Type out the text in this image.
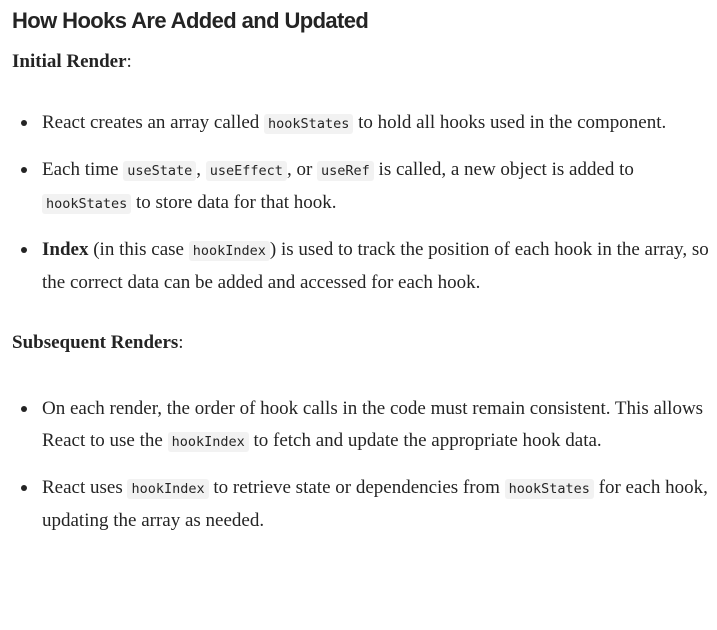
How Hooks Are Added and Updated

Initial Render:

React creates an array called hookStates to hold all hooks used in the component.
Each time useState , useEffect , or useRef is called, a new object is added to hookStates to store data for that hook.
Index (in this case hookIndex ) is used to track the position of each hook in the array, so the correct data can be added and accessed for each hook.

Subsequent Renders:

On each render, the order of hook calls in the code must remain consistent. This allows React to use the hookIndex to fetch and update the appropriate hook data.
React uses hookIndex to retrieve state or dependencies from hookStates for each hook, updating the array as needed.
